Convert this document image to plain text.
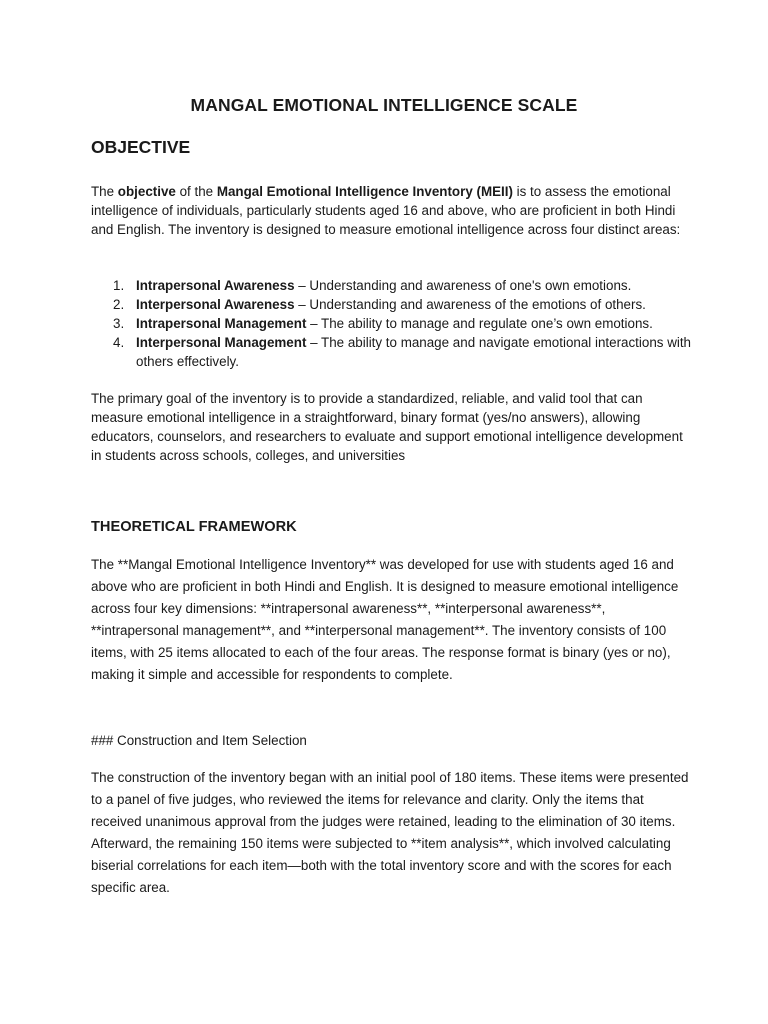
MANGAL EMOTIONAL INTELLIGENCE SCALE
OBJECTIVE

The objective of the Mangal Emotional Intelligence Inventory (MEII) is to assess the emotional intelligence of individuals, particularly students aged 16 and above, who are proficient in both Hindi and English. The inventory is designed to measure emotional intelligence across four distinct areas:

1. Intrapersonal Awareness – Understanding and awareness of one's own emotions.
2. Interpersonal Awareness – Understanding and awareness of the emotions of others.
3. Intrapersonal Management – The ability to manage and regulate one’s own emotions.
4. Interpersonal Management – The ability to manage and navigate emotional interactions with others effectively.

The primary goal of the inventory is to provide a standardized, reliable, and valid tool that can measure emotional intelligence in a straightforward, binary format (yes/no answers), allowing educators, counselors, and researchers to evaluate and support emotional intelligence development in students across schools, colleges, and universities

THEORETICAL FRAMEWORK

The **Mangal Emotional Intelligence Inventory** was developed for use with students aged 16 and above who are proficient in both Hindi and English. It is designed to measure emotional intelligence across four key dimensions: **intrapersonal awareness**, **interpersonal awareness**, **intrapersonal management**, and **interpersonal management**. The inventory consists of 100 items, with 25 items allocated to each of the four areas. The response format is binary (yes or no), making it simple and accessible for respondents to complete.

### Construction and Item Selection

The construction of the inventory began with an initial pool of 180 items. These items were presented to a panel of five judges, who reviewed the items for relevance and clarity. Only the items that received unanimous approval from the judges were retained, leading to the elimination of 30 items. Afterward, the remaining 150 items were subjected to **item analysis**, which involved calculating biserial correlations for each item—both with the total inventory score and with the scores for each specific area.
